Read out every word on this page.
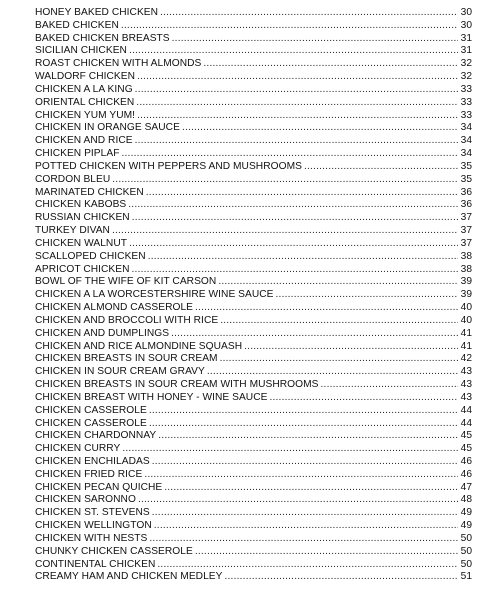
HONEY BAKED CHICKEN .....	30
BAKED CHICKEN .....	30
BAKED CHICKEN BREASTS .....	31
SICILIAN CHICKEN .....	31
ROAST CHICKEN WITH ALMONDS .....	32
WALDORF CHICKEN .....	32
CHICKEN A LA KING .....	33
ORIENTAL CHICKEN .....	33
CHICKEN YUM YUM! .....	33
CHICKEN IN ORANGE SAUCE .....	34
CHICKEN AND RICE .....	34
CHICKEN PIPLAF .....	34
POTTED CHICKEN WITH PEPPERS AND MUSHROOMS .....	35
CORDON BLEU .....	35
MARINATED CHICKEN .....	36
CHICKEN KABOBS .....	36
RUSSIAN CHICKEN .....	37
TURKEY DIVAN .....	37
CHICKEN WALNUT .....	37
SCALLOPED CHICKEN .....	38
APRICOT CHICKEN .....	38
BOWL OF THE WIFE OF KIT CARSON .....	39
CHICKEN A LA WORCESTERSHIRE WINE SAUCE .....	39
CHICKEN ALMOND CASSEROLE .....	40
CHICKEN AND BROCCOLI WITH RICE .....	40
CHICKEN AND DUMPLINGS .....	41
CHICKEN AND RICE ALMONDINE SQUASH .....	41
CHICKEN BREASTS IN SOUR CREAM .....	42
CHICKEN IN SOUR CREAM GRAVY .....	43
CHICKEN BREASTS IN SOUR CREAM WITH MUSHROOMS .....	43
CHICKEN BREAST WITH HONEY - WINE SAUCE .....	43
CHICKEN CASSEROLE .....	44
CHICKEN CASSEROLE .....	44
CHICKEN CHARDONNAY .....	45
CHICKEN CURRY .....	45
CHICKEN ENCHILADAS .....	46
CHICKEN FRIED RICE .....	46
CHICKEN PECAN QUICHE .....	47
CHICKEN SARONNO .....	48
CHICKEN ST. STEVENS .....	49
CHICKEN WELLINGTON .....	49
CHICKEN WITH NESTS .....	50
CHUNKY CHICKEN CASSEROLE .....	50
CONTINENTAL CHICKEN .....	50
CREAMY HAM AND CHICKEN MEDLEY .....	51
